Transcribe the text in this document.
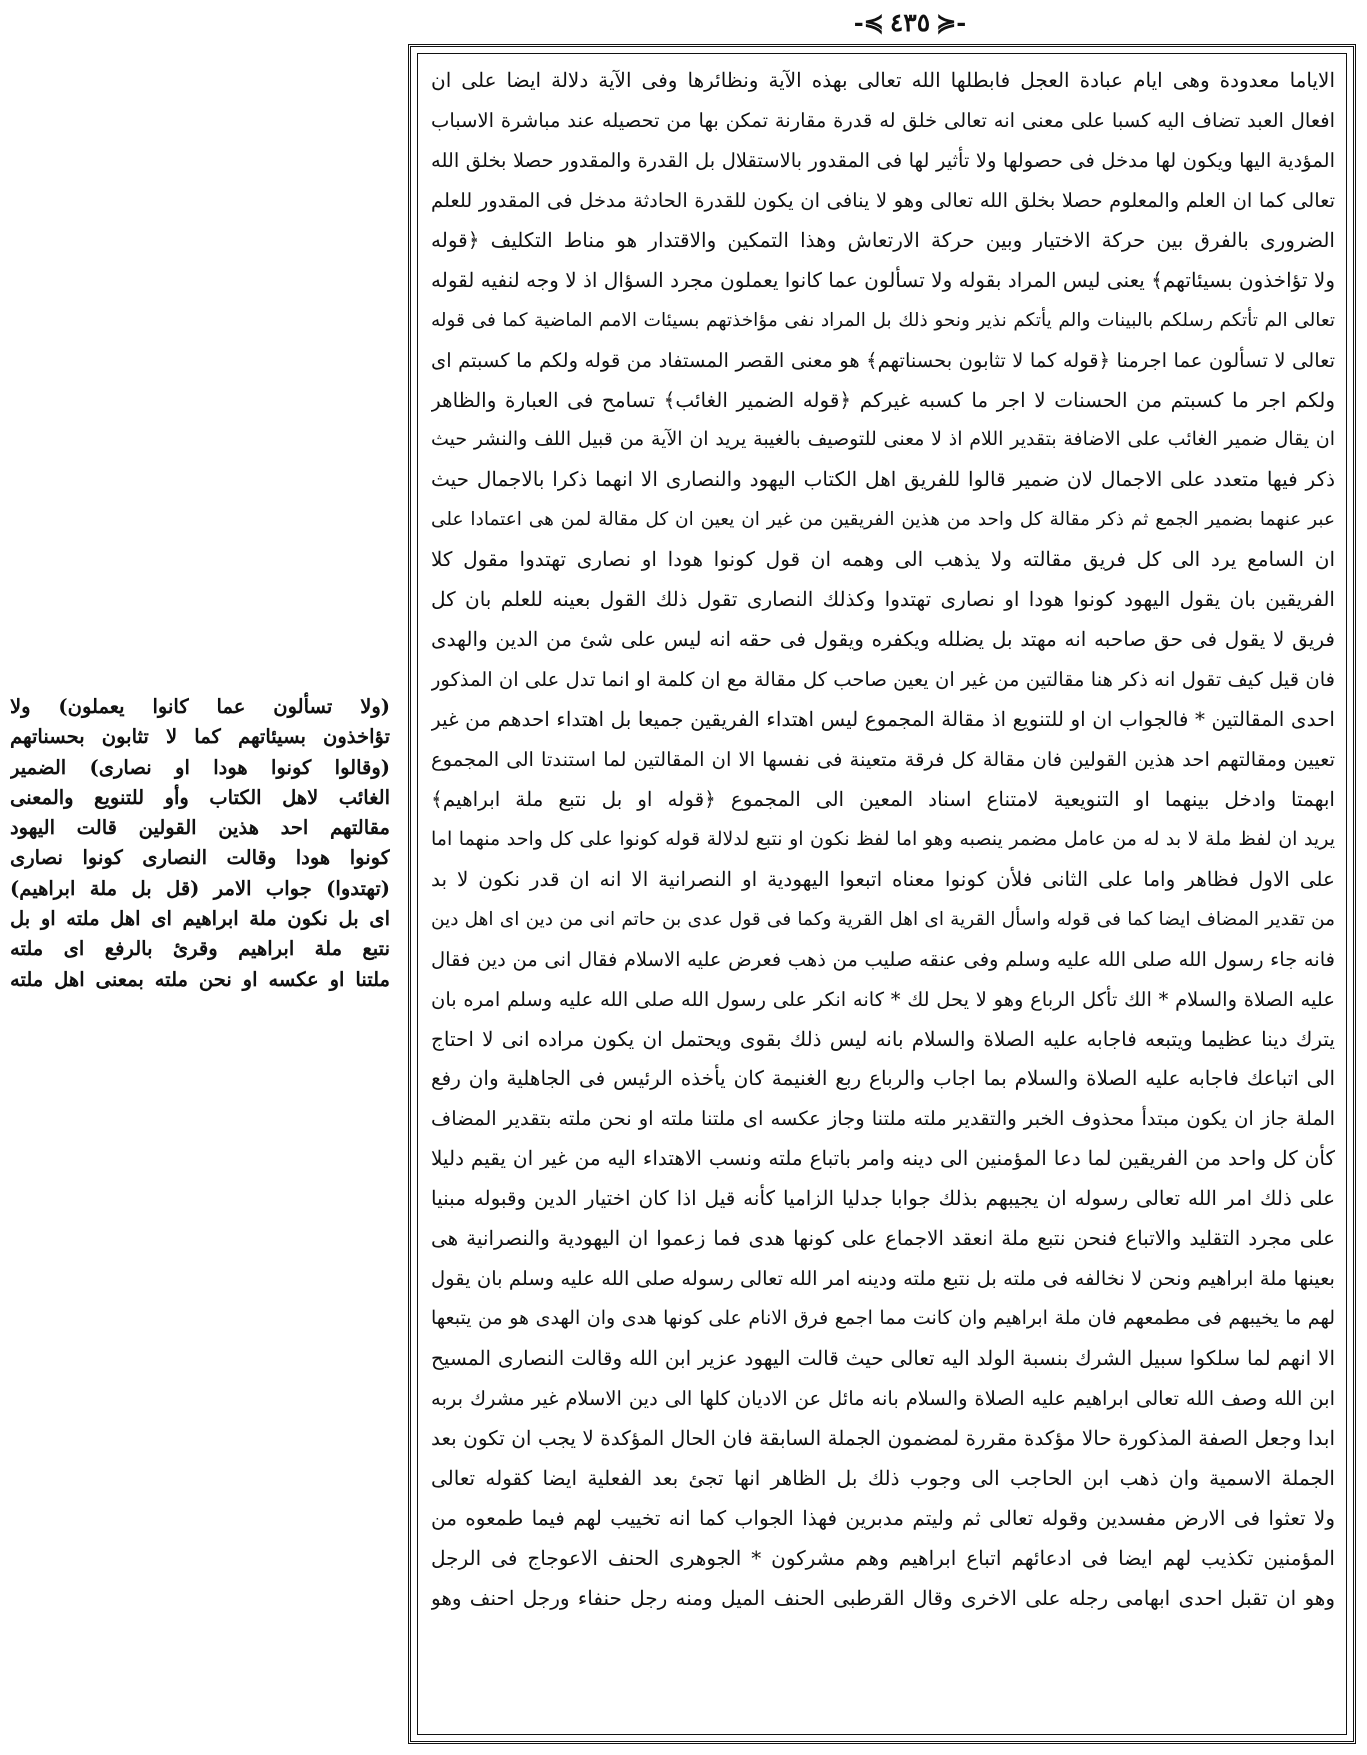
-≼ ٤٣٥ ≽-
الاياما معدودة وهى ايام عبادة العجل فابطلها الله تعالى بهذه الآية ونظائرها وفى الآية دلالة ايضا على ان
افعال العبد تضاف اليه كسبا على معنى انه تعالى خلق له قدرة مقارنة تمكن بها من تحصيله عند مباشرة الاسباب
المؤدية اليها ويكون لها مدخل فى حصولها ولا تأثير لها فى المقدور بالاستقلال بل القدرة والمقدور حصلا بخلق الله
تعالى كما ان العلم والمعلوم حصلا بخلق الله تعالى وهو لا ينافى ان يكون للقدرة الحادثة مدخل فى المقدور للعلم
الضرورى بالفرق بين حركة الاختيار وبين حركة الارتعاش وهذا التمكين والاقتدار هو مناط التكليف ﴿قوله
ولا تؤاخذون بسيئاتهم﴾ يعنى ليس المراد بقوله ولا تسألون عما كانوا يعملون مجرد السؤال اذ لا وجه لنفيه لقوله
تعالى الم تأتكم رسلكم بالبينات والم يأتكم نذير ونحو ذلك بل المراد نفى مؤاخذتهم بسيئات الامم الماضية كما فى قوله
تعالى لا تسألون عما اجرمنا ﴿قوله كما لا تثابون بحسناتهم﴾ هو معنى القصر المستفاد من قوله ولكم ما كسبتم اى
ولكم اجر ما كسبتم من الحسنات لا اجر ما كسبه غيركم ﴿قوله الضمير الغائب﴾ تسامح فى العبارة والظاهر
ان يقال ضمير الغائب على الاضافة بتقدير اللام اذ لا معنى للتوصيف بالغيبة يريد ان الآية من قبيل اللف والنشر حيث
ذكر فيها متعدد على الاجمال لان ضمير قالوا للفريق اهل الكتاب اليهود والنصارى الا انهما ذكرا بالاجمال حيث
عبر عنهما بضمير الجمع ثم ذكر مقالة كل واحد من هذين الفريقين من غير ان يعين ان كل مقالة لمن هى اعتمادا على
ان السامع يرد الى كل فريق مقالته ولا يذهب الى وهمه ان قول كونوا هودا او نصارى تهتدوا مقول كلا
الفريقين بان يقول اليهود كونوا هودا او نصارى تهتدوا وكذلك النصارى تقول ذلك القول بعينه للعلم بان كل
فريق لا يقول فى حق صاحبه انه مهتد بل يضلله ويكفره ويقول فى حقه انه ليس على شئ من الدين والهدى
فان قيل كيف تقول انه ذكر هنا مقالتين من غير ان يعين صاحب كل مقالة مع ان كلمة او انما تدل على ان المذكور
احدى المقالتين * فالجواب ان او للتنويع اذ مقالة المجموع ليس اهتداء الفريقين جميعا بل اهتداء احدهم من غير
تعيين ومقالتهم احد هذين القولين فان مقالة كل فرقة متعينة فى نفسها الا ان المقالتين لما استندتا الى المجموع
ابهمتا وادخل بينهما او التنويعية لامتناع اسناد المعين الى المجموع ﴿قوله او بل نتبع ملة ابراهيم﴾
يريد ان لفظ ملة لا بد له من عامل مضمر ينصبه وهو اما لفظ نكون او نتبع لدلالة قوله كونوا على كل واحد منهما اما
على الاول فظاهر واما على الثانى فلأن كونوا معناه اتبعوا اليهودية او النصرانية الا انه ان قدر نكون لا بد
من تقدير المضاف ايضا كما فى قوله واسأل القرية اى اهل القرية وكما فى قول عدى بن حاتم انى من دين اى اهل دين
فانه جاء رسول الله صلى الله عليه وسلم وفى عنقه صليب من ذهب فعرض عليه الاسلام فقال انى من دين فقال
عليه الصلاة والسلام * الك تأكل الرباع وهو لا يحل لك * كانه انكر على رسول الله صلى الله عليه وسلم امره بان
يترك دينا عظيما ويتبعه فاجابه عليه الصلاة والسلام بانه ليس ذلك بقوى ويحتمل ان يكون مراده انى لا احتاج
الى اتباعك فاجابه عليه الصلاة والسلام بما اجاب والرباع ربع الغنيمة كان يأخذه الرئيس فى الجاهلية وان رفع
الملة جاز ان يكون مبتدأ محذوف الخبر والتقدير ملته ملتنا وجاز عكسه اى ملتنا ملته او نحن ملته بتقدير المضاف
كأن كل واحد من الفريقين لما دعا المؤمنين الى دينه وامر باتباع ملته ونسب الاهتداء اليه من غير ان يقيم دليلا
على ذلك امر الله تعالى رسوله ان يجيبهم بذلك جوابا جدليا الزاميا كأنه قيل اذا كان اختيار الدين وقبوله مبنيا
على مجرد التقليد والاتباع فنحن نتبع ملة انعقد الاجماع على كونها هدى فما زعموا ان اليهودية والنصرانية هى
بعينها ملة ابراهيم ونحن لا نخالفه فى ملته بل نتبع ملته ودينه امر الله تعالى رسوله صلى الله عليه وسلم بان يقول
لهم ما يخيبهم فى مطمعهم فان ملة ابراهيم وان كانت مما اجمع فرق الانام على كونها هدى وان الهدى هو من يتبعها
الا انهم لما سلكوا سبيل الشرك بنسبة الولد اليه تعالى حيث قالت اليهود عزير ابن الله وقالت النصارى المسيح
ابن الله وصف الله تعالى ابراهيم عليه الصلاة والسلام بانه مائل عن الاديان كلها الى دين الاسلام غير مشرك بربه
ابدا وجعل الصفة المذكورة حالا مؤكدة مقررة لمضمون الجملة السابقة فان الحال المؤكدة لا يجب ان تكون بعد
الجملة الاسمية وان ذهب ابن الحاجب الى وجوب ذلك بل الظاهر انها تجئ بعد الفعلية ايضا كقوله تعالى
ولا تعثوا فى الارض مفسدين وقوله تعالى ثم وليتم مدبرين فهذا الجواب كما انه تخييب لهم فيما طمعوه من
المؤمنين تكذيب لهم ايضا فى ادعائهم اتباع ابراهيم وهم مشركون * الجوهرى الحنف الاعوجاج فى الرجل
وهو ان تقبل احدى ابهامى رجله على الاخرى وقال القرطبى الحنف الميل ومنه رجل حنفاء ورجل احنف وهو
(ولا تسألون عما كانوا يعملون) ولا
تؤاخذون بسيئاتهم كما لا تثابون بحسناتهم
(وقالوا كونوا هودا او نصارى) الضمير
الغائب لاهل الكتاب وأو للتنويع والمعنى
مقالتهم احد هذين القولين قالت اليهود
كونوا هودا وقالت النصارى كونوا نصارى
(تهتدوا) جواب الامر (قل بل ملة ابراهيم)
اى بل نكون ملة ابراهيم اى اهل ملته او بل
نتبع ملة ابراهيم وقرئ بالرفع اى ملته
ملتنا او عكسه او نحن ملته بمعنى اهل ملته
